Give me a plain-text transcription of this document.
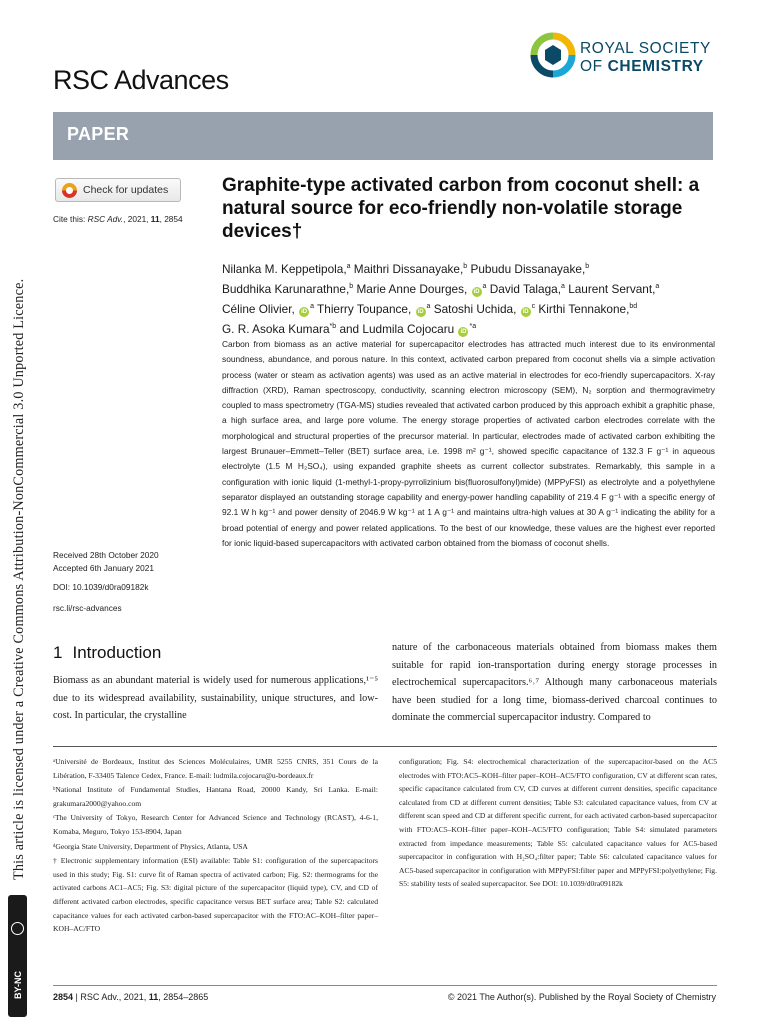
This article is licensed under a Creative Commons Attribution-NonCommercial 3.0 Unported Licence.
cc
BY-NC
RSC Advances
ROYAL SOCIETY
OF CHEMISTRY
PAPER
Check for updates
Cite this: RSC Adv., 2021, 11, 2854
Graphite-type activated carbon from coconut shell: a natural source for eco-friendly non-volatile storage devices†
Nilanka M. Keppetipola,$^a$ Maithri Dissanayake,$^b$ Pubudu Dissanayake,$^b$
Buddhika Karunarathne,$^b$ Marie Anne Dourges, $iD^a$ David Talaga,$^a$ Laurent Servant,$^a$
Céline Olivier, $iD^a$ Thierry Toupance, $iD^a$ Satoshi Uchida, $iD^c$ Kirthi Tennakone,$^{bd}$
G. R. Asoka Kumara$^{*b}$ and Ludmila Cojocaru $iD^{*a}$
Carbon from biomass as an active material for supercapacitor electrodes has attracted much interest due to its environmental soundness, abundance, and porous nature. In this context, activated carbon prepared from coconut shells via a simple activation process (water or steam as activation agents) was used as an active material in electrodes for eco-friendly supercapacitors. X-ray diffraction (XRD), Raman spectroscopy, conductivity, scanning electron microscopy (SEM), N₂ sorption and thermogravimetry coupled to mass spectrometry (TGA-MS) studies revealed that activated carbon produced by this approach exhibit a graphitic phase, a high surface area, and large pore volume. The energy storage properties of activated carbon electrodes correlate with the morphological and structural properties of the precursor material. In particular, electrodes made of activated carbon exhibiting the largest Brunauer–Emmett–Teller (BET) surface area, i.e. 1998 m² g⁻¹, showed specific capacitance of 132.3 F g⁻¹ in aqueous electrolyte (1.5 M H₂SO₄), using expanded graphite sheets as current collector substrates. Remarkably, this sample in a configuration with ionic liquid (1-methyl-1-propy-pyrrolizinium bis(fluorosulfonyl)mide) (MPPyFSI) as electrolyte and a polyethylene separator displayed an outstanding storage capability and energy-power handling capability of 219.4 F g⁻¹ with a specific energy of 92.1 W h kg⁻¹ and power density of 2046.9 W kg⁻¹ at 1 A g⁻¹ and maintains ultra-high values at 30 A g⁻¹ indicating the ability for a broad potential of energy and power related applications. To the best of our knowledge, these values are the highest ever reported for ionic liquid-based supercapacitors with activated carbon obtained from the biomass of coconut shells.
Received 28th October 2020
Accepted 6th January 2021
DOI: 10.1039/d0ra09182k
rsc.li/rsc-advances
1 Introduction
Biomass as an abundant material is widely used for numerous applications,¹⁻⁵ due to its widespread availability, sustainability, unique structures, and low-cost. In particular, the crystalline
nature of the carbonaceous materials obtained from biomass makes them suitable for rapid ion-transportation during energy storage processes in electrochemical supercapacitors.⁶˒⁷ Although many carbonaceous materials have been studied for a long time, biomass-derived charcoal continues to dominate the commercial supercapacitor industry. Compared to

ᵃUniversité de Bordeaux, Institut des Sciences Moléculaires, UMR 5255 CNRS, 351 Cours de la Libération, F-33405 Talence Cedex, France. E-mail: ludmila.cojocaru@u-bordeaux.fr

ᵇNational Institute of Fundamental Studies, Hantana Road, 20000 Kandy, Sri Lanka. E-mail: grakumara2000@yahoo.com

ᶜThe University of Tokyo, Research Center for Advanced Science and Technology (RCAST), 4-6-1, Komaba, Meguro, Tokyo 153-8904, Japan

ᵈGeorgia State University, Department of Physics, Atlanta, USA

† Electronic supplementary information (ESI) available: Table S1: configuration of the supercapacitors used in this study; Fig. S1: curve fit of Raman spectra of activated carbon; Fig. S2: thermograms for the activated carbons AC1–AC5; Fig. S3: digital picture of the supercapacitor (liquid type), CV, and CD of different activated carbon electrodes, specific capacitance versus BET surface area; Table S2: calculated capacitance values for each activated carbon-based supercapacitor with the FTO:AC–KOH–filter paper–KOH–AC/FTO

configuration; Fig. S4: electrochemical characterization of the supercapacitor-based on the AC5 electrodes with FTO:AC5–KOH–filter paper–KOH–AC5/FTO configuration, CV at different scan rates, specific capacitance calculated from CV, CD curves at different current densities, specific capacitance calculated from CD at different current densities; Table S3: calculated capacitance values, from CV at different scan speed and CD at different specific current, for each activated carbon-based supercapacitor with FTO:AC5–KOH–filter paper–KOH–AC5/FTO configuration; Table S4: simulated parameters extracted from impedance measurements; Table S5: calculated capacitance values for AC5-based supercapacitor in configuration with H₂SO₄:filter paper; Table S6: calculated capacitance values for AC5-based supercapacitor in configuration with MPPyFSI:filter paper and MPPyFSI:polyethylene; Fig. S5: stability tests of sealed supercapacitor. See DOI: 10.1039/d0ra09182k
2854 | RSC Adv., 2021, 11, 2854–2865	© 2021 The Author(s). Published by the Royal Society of Chemistry
